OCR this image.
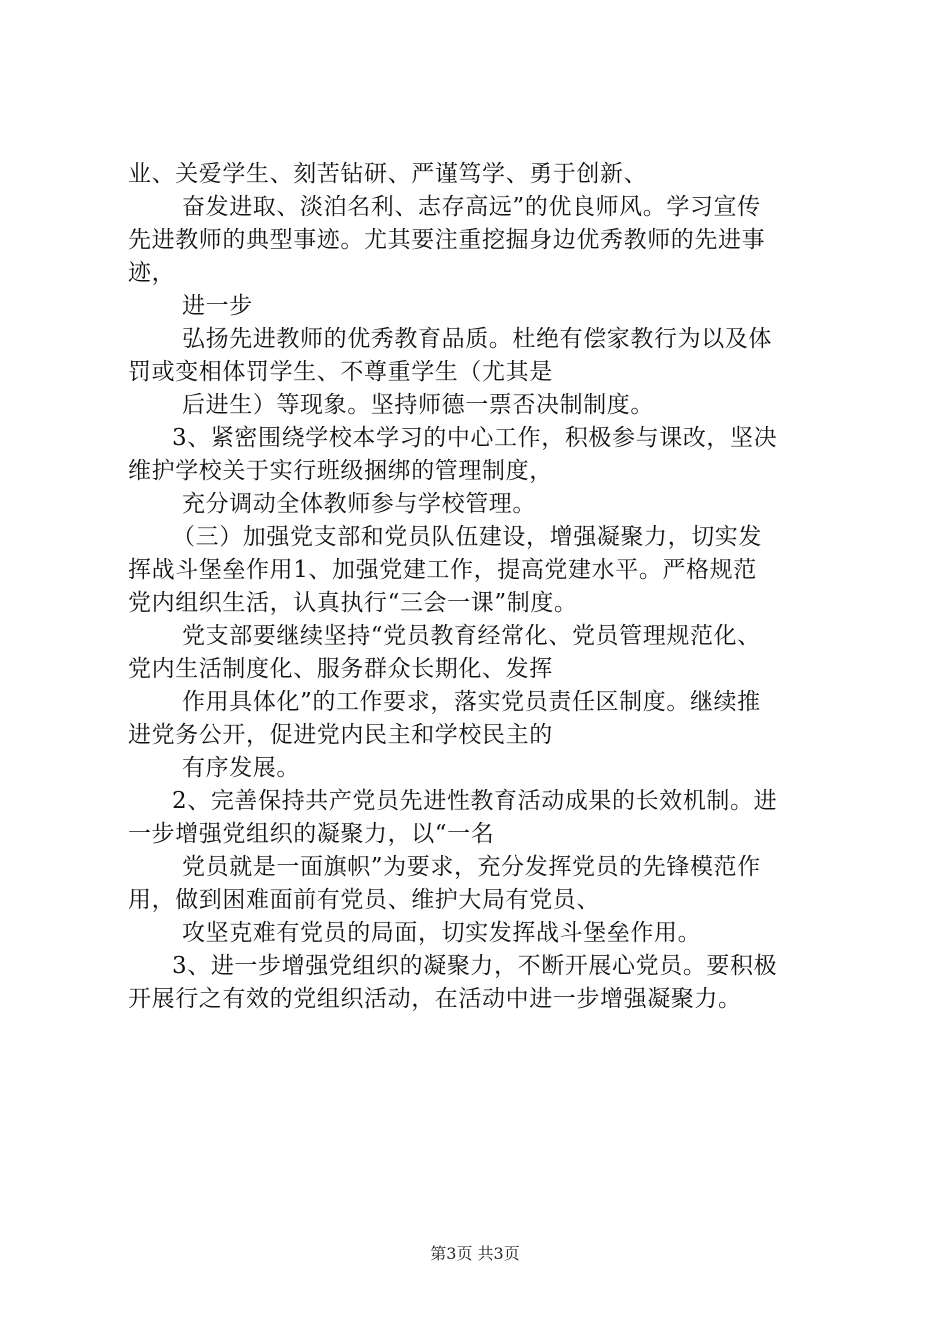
业、关爱学生、刻苦钻研、严谨笃学、勇于创新、

奋发进取、淡泊名利、志存高远”的优良师风。学习宣传

先进教师的典型事迹。尤其要注重挖掘身边优秀教师的先进事

迹，

进一步

弘扬先进教师的优秀教育品质。杜绝有偿家教行为以及体

罚或变相体罚学生、不尊重学生（尤其是

后进生）等现象。坚持师德一票否决制制度。

3、紧密围绕学校本学习的中心工作，积极参与课改，坚决

维护学校关于实行班级捆绑的管理制度，

充分调动全体教师参与学校管理。

（三）加强党支部和党员队伍建设，增强凝聚力，切实发

挥战斗堡垒作用1、加强党建工作，提高党建水平。严格规范

党内组织生活，认真执行“三会一课”制度。

党支部要继续坚持“党员教育经常化、党员管理规范化、

党内生活制度化、服务群众长期化、发挥

作用具体化”的工作要求，落实党员责任区制度。继续推

进党务公开，促进党内民主和学校民主的

有序发展。

2、完善保持共产党员先进性教育活动成果的长效机制。进

一步增强党组织的凝聚力，以“一名

党员就是一面旗帜”为要求，充分发挥党员的先锋模范作

用，做到困难面前有党员、维护大局有党员、

攻坚克难有党员的局面，切实发挥战斗堡垒作用。

3、进一步增强党组织的凝聚力，不断开展心党员。要积极

开展行之有效的党组织活动，在活动中进一步增强凝聚力。

第3页 共3页
